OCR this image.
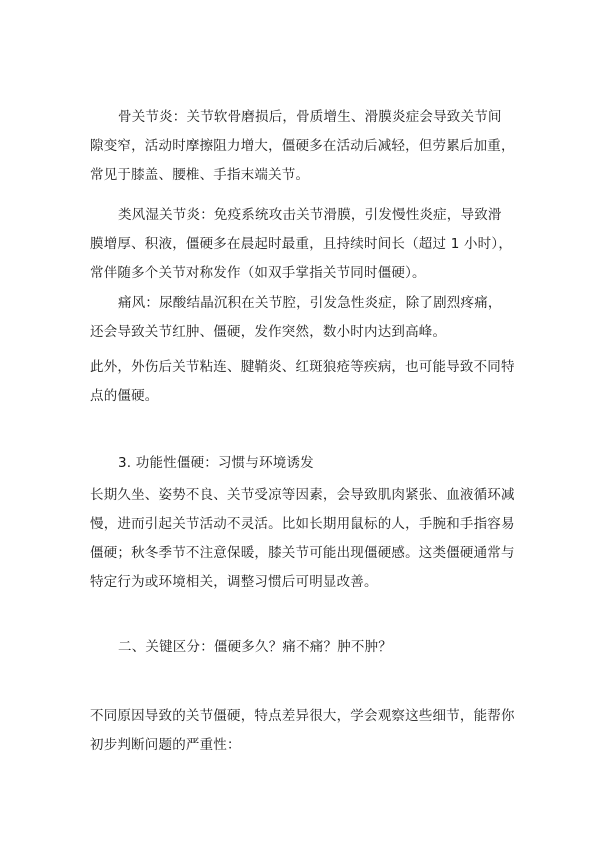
骨关节炎：关节软骨磨损后，骨质增生、滑膜炎症会导致关节间隙变窄，活动时摩擦阻力增大，僵硬多在活动后减轻，但劳累后加重，常见于膝盖、腰椎、手指末端关节。

类风湿关节炎：免疫系统攻击关节滑膜，引发慢性炎症，导致滑膜增厚、积液，僵硬多在晨起时最重，且持续时间长（超过 1 小时），常伴随多个关节对称发作（如双手掌指关节同时僵硬）。

痛风：尿酸结晶沉积在关节腔，引发急性炎症，除了剧烈疼痛，还会导致关节红肿、僵硬，发作突然，数小时内达到高峰。

此外，外伤后关节粘连、腱鞘炎、红斑狼疮等疾病，也可能导致不同特点的僵硬。

3. 功能性僵硬：习惯与环境诱发

长期久坐、姿势不良、关节受凉等因素，会导致肌肉紧张、血液循环减慢，进而引起关节活动不灵活。比如长期用鼠标的人，手腕和手指容易僵硬；秋冬季节不注意保暖，膝关节可能出现僵硬感。这类僵硬通常与特定行为或环境相关，调整习惯后可明显改善。

二、关键区分：僵硬多久？痛不痛？肿不肿？

不同原因导致的关节僵硬，特点差异很大，学会观察这些细节，能帮你初步判断问题的严重性：
